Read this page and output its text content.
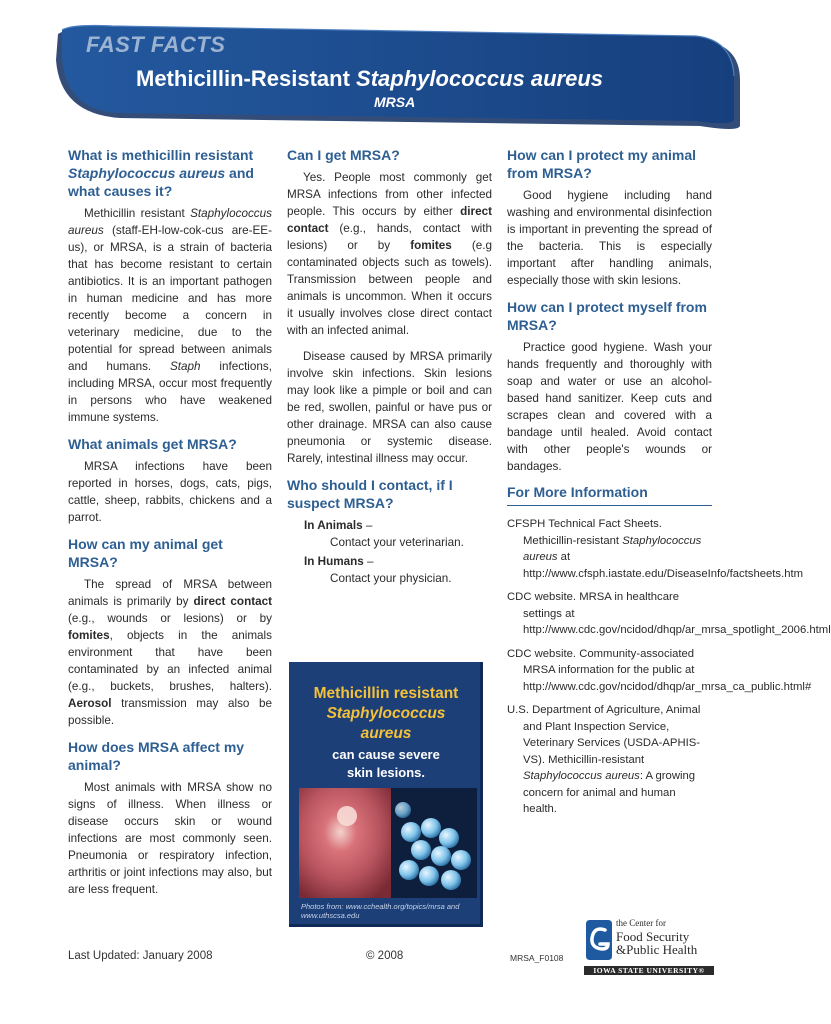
FAST FACTS
Methicillin-Resistant Staphylococcus aureus
MRSA
What is methicillin resistant Staphylococcus aureus and what causes it?

Methicillin resistant Staphylococcus aureus (staff-EH-low-cok-cus are-EE-us), or MRSA, is a strain of bacteria that has become resistant to certain antibiotics. It is an important pathogen in human medicine and has more recently become a concern in veterinary medicine, due to the potential for spread between animals and humans. Staph infections, including MRSA, occur most frequently in persons who have weakened immune systems.

What animals get MRSA?

MRSA infections have been reported in horses, dogs, cats, pigs, cattle, sheep, rabbits, chickens and a parrot.

How can my animal get MRSA?

The spread of MRSA between animals is primarily by direct contact (e.g., wounds or lesions) or by fomites, objects in the animals environment that have been contaminated by an infected animal (e.g., buckets, brushes, halters). Aerosol transmission may also be possible.

How does MRSA affect my animal?

Most animals with MRSA show no signs of illness. When illness or disease occurs skin or wound infections are most commonly seen. Pneumonia or respiratory infection, arthritis or joint infections may also, but are less frequent.

Can I get MRSA?

Yes. People most commonly get MRSA infections from other infected people. This occurs by either direct contact (e.g., hands, contact with lesions) or by fomites (e.g contaminated objects such as towels). Transmission between people and animals is uncommon. When it occurs it usually involves close direct contact with an infected animal.

Disease caused by MRSA primarily involve skin infections. Skin lesions may look like a pimple or boil and can be red, swollen, painful or have pus or other drainage. MRSA can also cause pneumonia or systemic disease. Rarely, intestinal illness may occur.

Who should I contact, if I suspect MRSA?
In Animals –
Contact your veterinarian.
In Humans –
Contact your physician.
Methicillin resistant
Staphylococcus
aureus
can cause severe
skin lesions.
Photos from: www.cchealth.org/topics/mrsa and www.uthscsa.edu
How can I protect my animal from MRSA?

Good hygiene including hand washing and environmental disinfection is important in preventing the spread of the bacteria. This is especially important after handling animals, especially those with skin lesions.

How can I protect myself from MRSA?

Practice good hygiene. Wash your hands frequently and thoroughly with soap and water or use an alcohol-based hand sanitizer. Keep cuts and scrapes clean and covered with a bandage until healed. Avoid contact with other people's wounds or bandages.

For More Information
CFSPH Technical Fact Sheets. Methicillin-resistant Staphylococcus aureus at http://www.cfsph.iastate.edu/DiseaseInfo/factsheets.htm
CDC website. MRSA in healthcare settings at http://www.cdc.gov/ncidod/dhqp/ar_mrsa_spotlight_2006.html
CDC website. Community-associated MRSA information for the public at http://www.cdc.gov/ncidod/dhqp/ar_mrsa_ca_public.html#
U.S. Department of Agriculture, Animal and Plant Inspection Service, Veterinary Services (USDA-APHIS-VS). Methicillin-resistant Staphylococcus aureus: A growing concern for animal and human health.
Last Updated: January 2008	© 2008	MRSA_F0108
the Center for
Food Security
&Public Health
IOWA STATE UNIVERSITY®
